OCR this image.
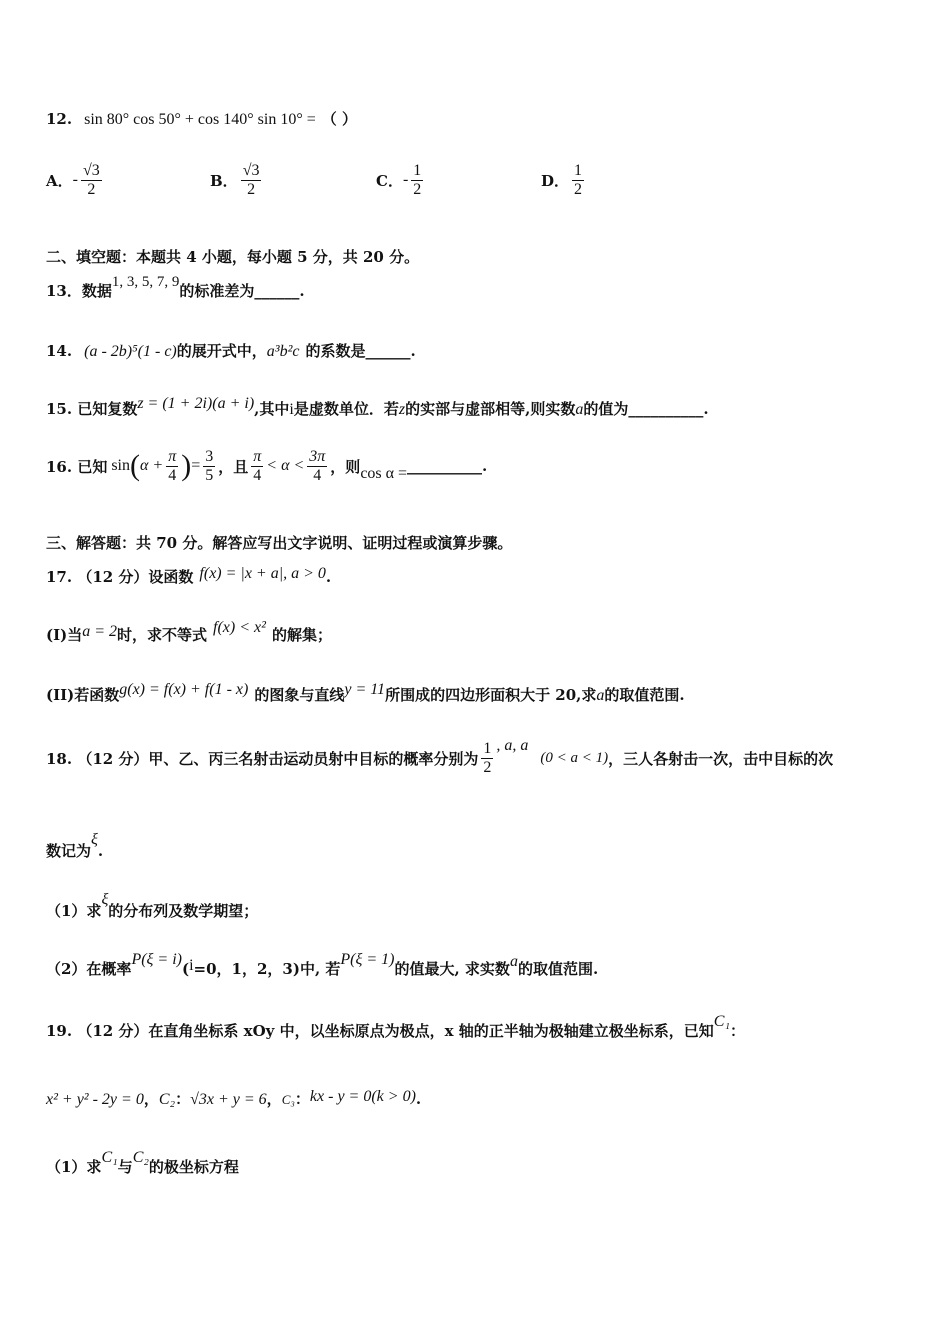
12. sin 80° cos 50° + cos 140° sin 10° = （ ）
A． - $\frac{√3}{2}$	B． $\frac{√3}{2}$	C． - $\frac{1}{2}$	D． $\frac{1}{2}$
二、填空题：本题共 4 小题，每小题 5 分，共 20 分。
13．数据 1, 3, 5, 7, 9 的标准差为______.
14. (a - 2b)⁵(1 - c) 的展开式中， a³b²c 的系数是______.
15. 已知复数 z = (1 + 2i)(a + i) ,其中 i 是虚数单位．若 z 的实部与虚部相等,则实数 a 的值为__________.
16. 已知 sin ( $\alpha + \frac{\pi}{4}$ ) = $\frac{3}{5}$ ，且 $\frac{\pi}{4} < \alpha < \frac{3\pi}{4}$ ，则 cos α = __________.
三、解答题：共 70 分。解答应写出文字说明、证明过程或演算步骤。
17. （12 分）设函数 f(x) = |x + a|, a > 0 .
(I)当 a = 2 时，求不等式 f(x) < x² 的解集；
(II)若函数 g(x) = f(x) + f(1 - x) 的图象与直线 y = 11 所围成的四边形面积大于 20,求 a 的取值范围.
18. （12 分）甲、乙、丙三名射击运动员射中目标的概率分别为 $\frac{1}{2}$ , a, a
(0 < a < 1) ，三人各射击一次，击中目标的次
数记为
ξ
.
（1）求
ξ
的分布列及数学期望；
（2）在概率
P(ξ = i)
( i =0，1，2，3)中, 若
P(ξ = 1)
的值最大, 求实数 a 的取值范围.
19. （12 分）在直角坐标系 xOy 中，以坐标原点为极点，x 轴的正半轴为极轴建立极坐标系，已知
C₁
：
x² + y² - 2y = 0 ， C₂ ： √3x + y = 6 ， C₃ ： kx - y = 0(k > 0) .
（1）求
C₁
与
C₂
的极坐标方程
